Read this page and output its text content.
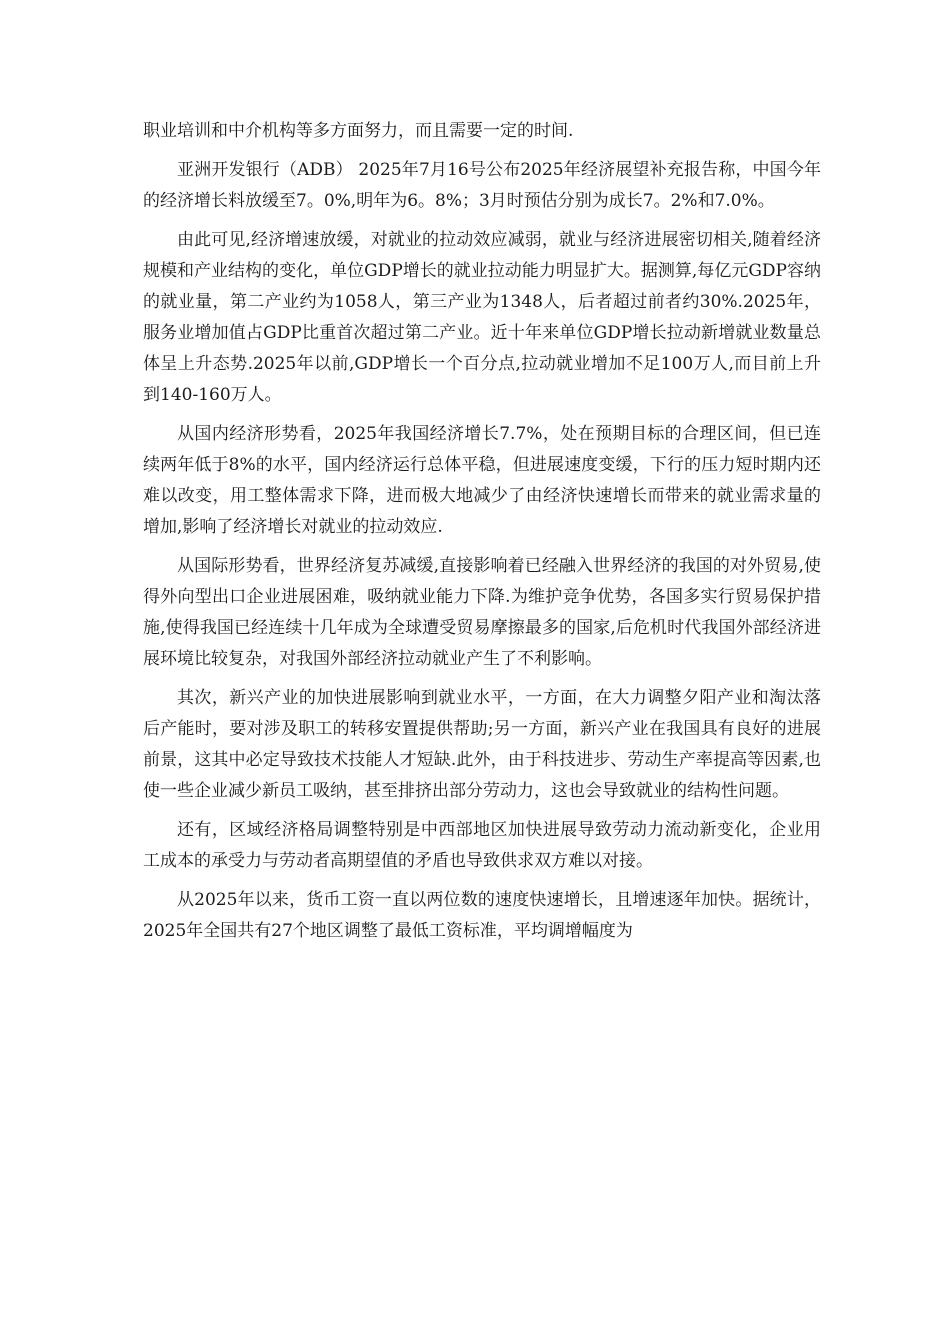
职业培训和中介机构等多方面努力，而且需要一定的时间.

亚洲开发银行（ADB） 2025年7月16号公布2025年经济展望补充报告称，中国今年的经济增长料放缓至7。0%,明年为6。8%；3月时预估分别为成长7。2%和7.0%。

由此可见,经济增速放缓，对就业的拉动效应减弱，就业与经济进展密切相关,随着经济规模和产业结构的变化，单位GDP增长的就业拉动能力明显扩大。据测算,每亿元GDP容纳的就业量，第二产业约为1058人，第三产业为1348人，后者超过前者约30%.2025年，服务业增加值占GDP比重首次超过第二产业。近十年来单位GDP增长拉动新增就业数量总体呈上升态势.2025年以前,GDP增长一个百分点,拉动就业增加不足100万人,而目前上升到140-160万人。

从国内经济形势看，2025年我国经济增长7.7%，处在预期目标的合理区间，但已连续两年低于8%的水平，国内经济运行总体平稳，但进展速度变缓，下行的压力短时期内还难以改变，用工整体需求下降，进而极大地减少了由经济快速增长而带来的就业需求量的增加,影响了经济增长对就业的拉动效应.

从国际形势看，世界经济复苏减缓,直接影响着已经融入世界经济的我国的对外贸易,使得外向型出口企业进展困难，吸纳就业能力下降.为维护竞争优势，各国多实行贸易保护措施,使得我国已经连续十几年成为全球遭受贸易摩擦最多的国家,后危机时代我国外部经济进展环境比较复杂，对我国外部经济拉动就业产生了不利影响。

其次，新兴产业的加快进展影响到就业水平，一方面，在大力调整夕阳产业和淘汰落后产能时，要对涉及职工的转移安置提供帮助;另一方面，新兴产业在我国具有良好的进展前景，这其中必定导致技术技能人才短缺.此外，由于科技进步、劳动生产率提高等因素,也使一些企业减少新员工吸纳，甚至排挤出部分劳动力，这也会导致就业的结构性问题。

还有，区域经济格局调整特别是中西部地区加快进展导致劳动力流动新变化，企业用工成本的承受力与劳动者高期望值的矛盾也导致供求双方难以对接。

从2025年以来，货币工资一直以两位数的速度快速增长，且增速逐年加快。据统计，2025年全国共有27个地区调整了最低工资标准，平均调增幅度为
